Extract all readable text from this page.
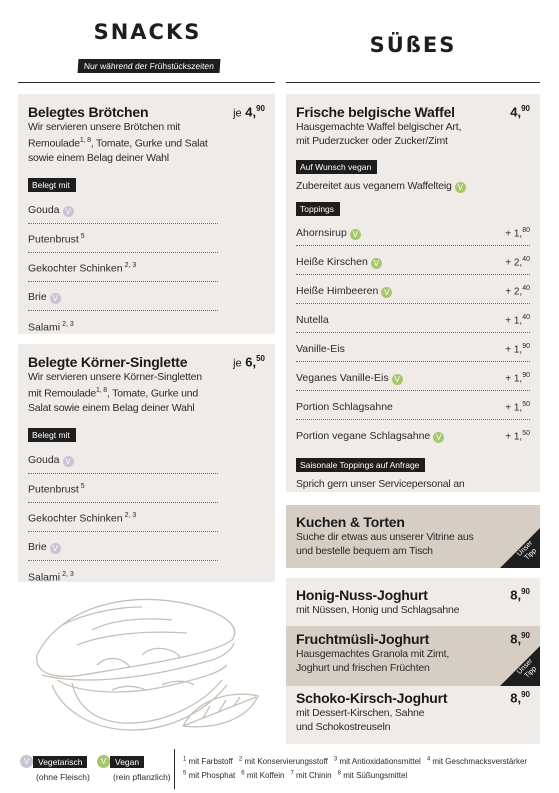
SNACKS
Nur während der Frühstückszeiten
SÜßES
Belegtes Brötchen	je 4,90
Wir servieren unsere Brötchen mit
Remoulade$^{1, 8}$, Tomate, Gurke und Salat
sowie einem Belag deiner Wahl
Belegt mit
Gouda V
Putenbrust $^5$
Gekochter Schinken $^{2, 3}$
Brie V
Salami $^{2, 3}$
Belegte Körner-Singlette	je 6,50
Wir servieren unsere Körner-Singletten
mit Remoulade$^{1, 8}$, Tomate, Gurke und
Salat sowie einem Belag deiner Wahl
Belegt mit
Gouda V
Putenbrust $^5$
Gekochter Schinken $^{2, 3}$
Brie V
Salami $^{2, 3}$
Frische belgische Waffel	4,90
Hausgemachte Waffel belgischer Art,
mit Puderzucker oder Zucker/Zimt
Auf Wunsch vegan
Zubereitet aus veganem Waffelteig V
Toppings
Ahornsirup V	+ 1,80
Heiße Kirschen V	+ 2,40
Heiße Himbeeren V	+ 2,40
Nutella	+ 1,40
Vanille-Eis	+ 1,90
Veganes Vanille-Eis V	+ 1,90
Portion Schlagsahne	+ 1,50
Portion vegane Schlagsahne V	+ 1,50
Saisonale Toppings auf Anfrage
Sprich gern unser Servicepersonal an
Kuchen & Torten
Suche dir etwas aus unserer Vitrine aus
und bestelle bequem am Tisch	Unser
Tipp
Honig-Nuss-Joghurt	8,90
mit Nüssen, Honig und Schlagsahne
Fruchtmüsli-Joghurt	8,90
Hausgemachtes Granola mit Zimt,
Joghurt und frischen Früchten	Unser
Tipp
Schoko-Kirsch-Joghurt	8,90
mit Dessert-Kirschen, Sahne
und Schokostreuseln
V	Vegetarisch
(ohne Fleisch)
V	Vegan
(rein pflanzlich)
$^1$ mit Farbstoff $^2$ mit Konservierungsstoff $^3$ mit Antioxidationsmittel $^4$ mit Geschmacksverstärker
$^5$ mit Phosphat $^6$ mit Koffein $^7$ mit Chinin $^8$ mit Süßungsmittel
